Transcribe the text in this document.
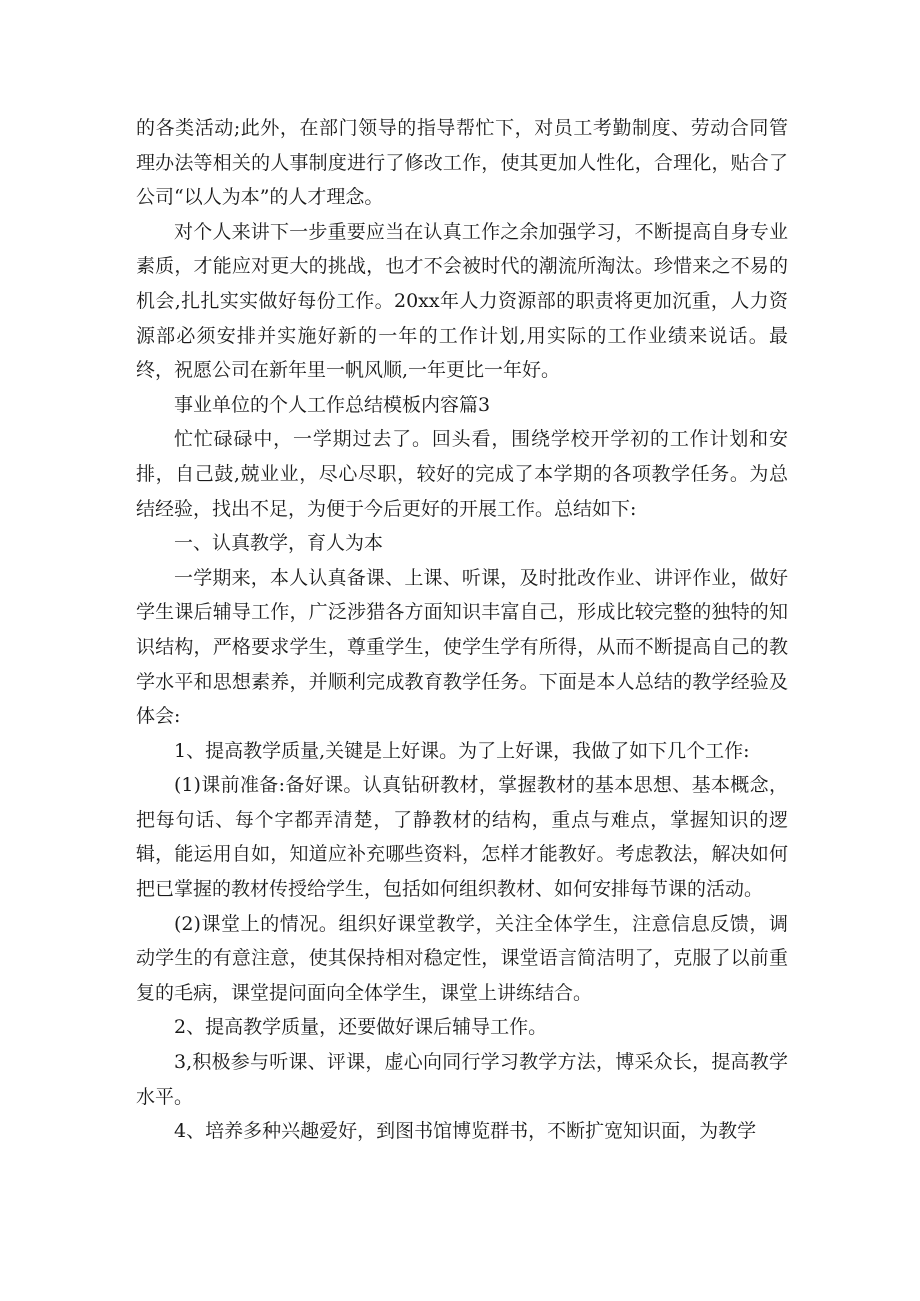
的各类活动;此外，在部门领导的指导帮忙下，对员工考勤制度、劳动合同管理办法等相关的人事制度进行了修改工作，使其更加人性化，合理化，贴合了公司“以人为本”的人才理念。

对个人来讲下一步重要应当在认真工作之余加强学习，不断提高自身专业素质，才能应对更大的挑战，也才不会被时代的潮流所淘汰。珍惜来之不易的机会,扎扎实实做好每份工作。20xx年人力资源部的职责将更加沉重，人力资源部必须安排并实施好新的一年的工作计划,用实际的工作业绩来说话。最终，祝愿公司在新年里一帆风顺,一年更比一年好。

事业单位的个人工作总结模板内容篇3

忙忙碌碌中，一学期过去了。回头看，围绕学校开学初的工作计划和安排，自己鼓,兢业业，尽心尽职，较好的完成了本学期的各项教学任务。为总结经验，找出不足，为便于今后更好的开展工作。总结如下:

一、认真教学，育人为本

一学期来，本人认真备课、上课、听课，及时批改作业、讲评作业，做好学生课后辅导工作，广泛涉猎各方面知识丰富自己，形成比较完整的独特的知识结构，严格要求学生，尊重学生，使学生学有所得，从而不断提高自己的教学水平和思想素养，并顺利完成教育教学任务。下面是本人总结的教学经验及体会:

1、提高教学质量,关键是上好课。为了上好课，我做了如下几个工作:

(1)课前准备:备好课。认真钻研教材，掌握教材的基本思想、基本概念，把每句话、每个字都弄清楚，了静教材的结构，重点与难点，掌握知识的逻辑，能运用自如，知道应补充哪些资料，怎样才能教好。考虑教法，解决如何把已掌握的教材传授给学生，包括如何组织教材、如何安排每节课的活动。

(2)课堂上的情况。组织好课堂教学，关注全体学生，注意信息反馈，调动学生的有意注意，使其保持相对稳定性，课堂语言简洁明了，克服了以前重复的毛病，课堂提问面向全体学生，课堂上讲练结合。

2、提高教学质量，还要做好课后辅导工作。

3,积极参与听课、评课，虚心向同行学习教学方法，博采众长，提高教学水平。

4、培养多种兴趣爱好，到图书馆博览群书，不断扩宽知识面，为教学
